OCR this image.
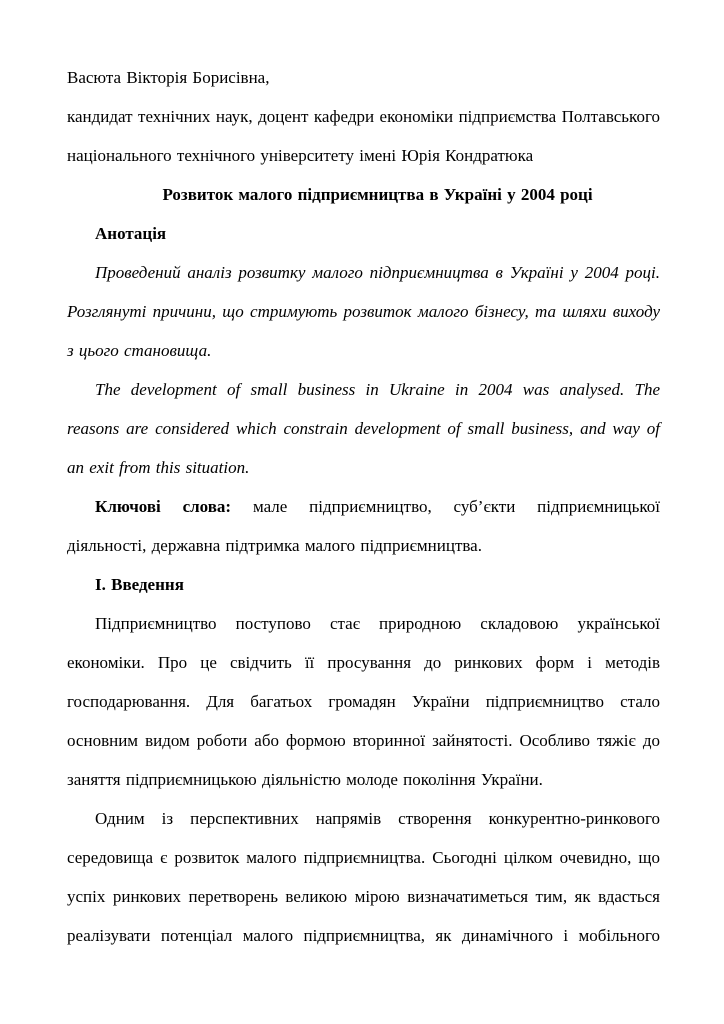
Васюта Вікторія Борисівна,

кандидат технічних наук, доцент кафедри економіки підприємства Полтавського національного технічного університету імені Юрія Кондратюка

Розвиток малого підприємництва в Україні у 2004 році

Анотація

Проведений аналіз розвитку малого підприємництва в Україні у 2004 році. Розглянуті причини, що стримують розвиток малого бізнесу, та шляхи виходу з цього становища.

The development of small business in Ukraine in 2004 was analysed. The reasons are considered which constrain development of small business, and way of an exit from this situation.

Ключові слова: мале підприємництво, суб’єкти підприємницької діяльності, державна підтримка малого підприємництва.

І. Введення

Підприємництво поступово стає природною складовою української економіки. Про це свідчить її просування до ринкових форм і методів господарювання. Для багатьох громадян України підприємництво стало основним видом роботи або формою вторинної зайнятості. Особливо тяжіє до заняття підприємницькою діяльністю молоде покоління України.

Одним із перспективних напрямів створення конкурентно-ринкового середовища є розвиток малого підприємництва. Сьогодні цілком очевидно, що успіх ринкових перетворень великою мірою визначатиметься тим, як вдасться реалізувати потенціал малого підприємництва, як динамічного і мобільного
